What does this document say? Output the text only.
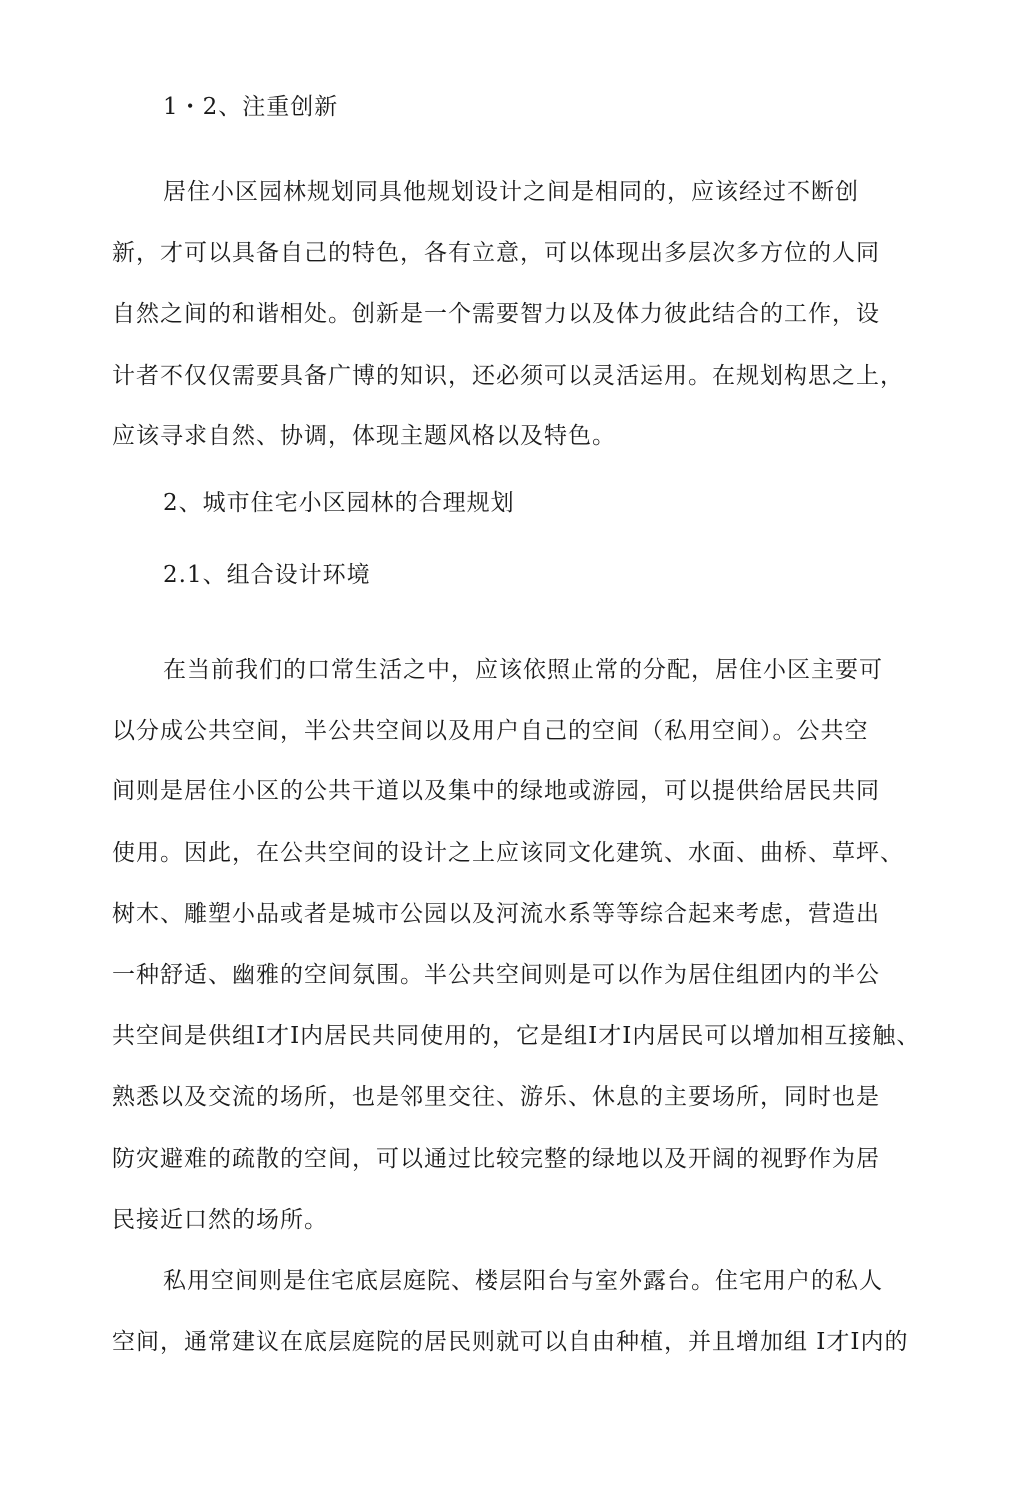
1・2、注重创新
居住小区园林规划同具他规划设计之间是相同的，应该经过不断创
新，才可以具备自己的特色，各有立意，可以体现出多层次多方位的人同
自然之间的和谐相处。创新是一个需要智力以及体力彼此结合的工作，设
计者不仅仅需要具备广博的知识，还必须可以灵活运用。在规划构思之上，
应该寻求自然、协调，体现主题风格以及特色。
2、城市住宅小区园林的合理规划
2.1、组合设计环境
在当前我们的口常生活之中，应该依照止常的分配，居住小区主要可
以分成公共空间，半公共空间以及用户自己的空间（私用空间）。公共空
间则是居住小区的公共干道以及集中的绿地或游园，可以提供给居民共同
使用。因此，在公共空间的设计之上应该同文化建筑、水面、曲桥、草坪、
树木、雕塑小品或者是城市公园以及河流水系等等综合起来考虑，营造出
一种舒适、幽雅的空间氛围。半公共空间则是可以作为居住组团内的半公
共空间是供组I才I内居民共同使用的，它是组I才I内居民可以增加相互接触、
熟悉以及交流的场所，也是邻里交往、游乐、休息的主要场所，同时也是
防灾避难的疏散的空间，可以通过比较完整的绿地以及开阔的视野作为居
民接近口然的场所。
私用空间则是住宅底层庭院、楼层阳台与室外露台。住宅用户的私人
空间，通常建议在底层庭院的居民则就可以自由种植，并且增加组 I才I内的
